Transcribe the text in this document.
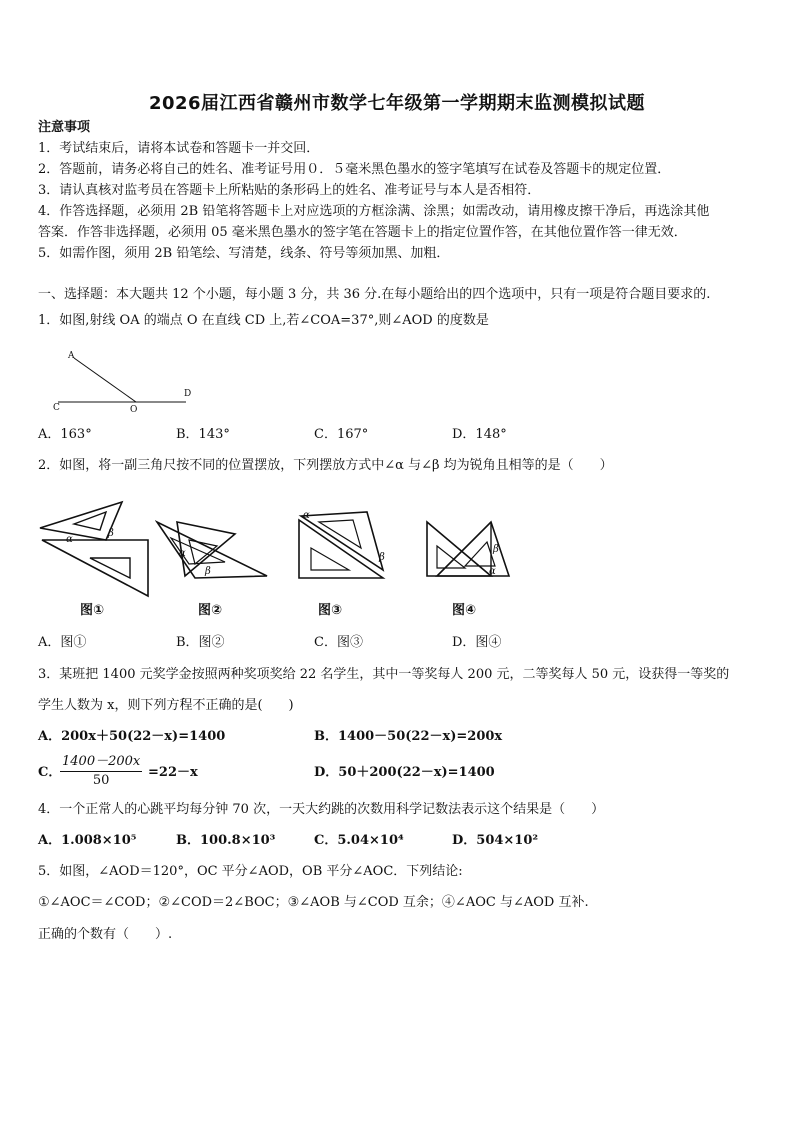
2026届江西省赣州市数学七年级第一学期期末监测模拟试题
注意事项
1．考试结束后，请将本试卷和答题卡一并交回．
2．答题前，请务必将自己的姓名、准考证号用０．５毫米黑色墨水的签字笔填写在试卷及答题卡的规定位置．
3．请认真核对监考员在答题卡上所粘贴的条形码上的姓名、准考证号与本人是否相符．
4．作答选择题，必须用 2B 铅笔将答题卡上对应选项的方框涂满、涂黑；如需改动，请用橡皮擦干净后，再选涂其他
答案．作答非选择题，必须用 05 毫米黑色墨水的签字笔在答题卡上的指定位置作答，在其他位置作答一律无效．
5．如需作图，须用 2B 铅笔绘、写清楚，线条、符号等须加黑、加粗．
一、选择题：本大题共 12 个小题，每小题 3 分，共 36 分.在每小题给出的四个选项中，只有一项是符合题目要求的.
1．如图,射线 OA 的端点 O 在直线 CD 上,若∠COA=37°,则∠AOD 的度数是
A
C	O
D
A．163°	B．143°	C．167°	D．148°
2．如图，将一副三角尺按不同的位置摆放，下列摆放方式中∠α 与∠β 均为锐角且相等的是（　　）
α
β
图①
α
β
图②
α
β
图③
β
α
图④
A．图①	B．图②	C．图③	D．图④
3．某班把 1400 元奖学金按照两种奖项奖给 22 名学生，其中一等奖每人 200 元，二等奖每人 50 元，设获得一等奖的
学生人数为 x，则下列方程不正确的是(　　)
A．200x＋50(22－x)=1400	B．1400－50(22－x)=200x
C．
$\frac{1400-200x}{50} =22-x$	D．50＋200(22－x)=1400
4．一个正常人的心跳平均每分钟 70 次，一天大约跳的次数用科学记数法表示这个结果是（　　）
A．1.008×10⁵	B．100.8×10³	C．5.04×10⁴	D．504×10²
5．如图，∠AOD＝120°，OC 平分∠AOD，OB 平分∠AOC．下列结论:
①∠AOC＝∠COD；②∠COD＝2∠BOC；③∠AOB 与∠COD 互余；④∠AOC 与∠AOD 互补.
正确的个数有（　　）.
